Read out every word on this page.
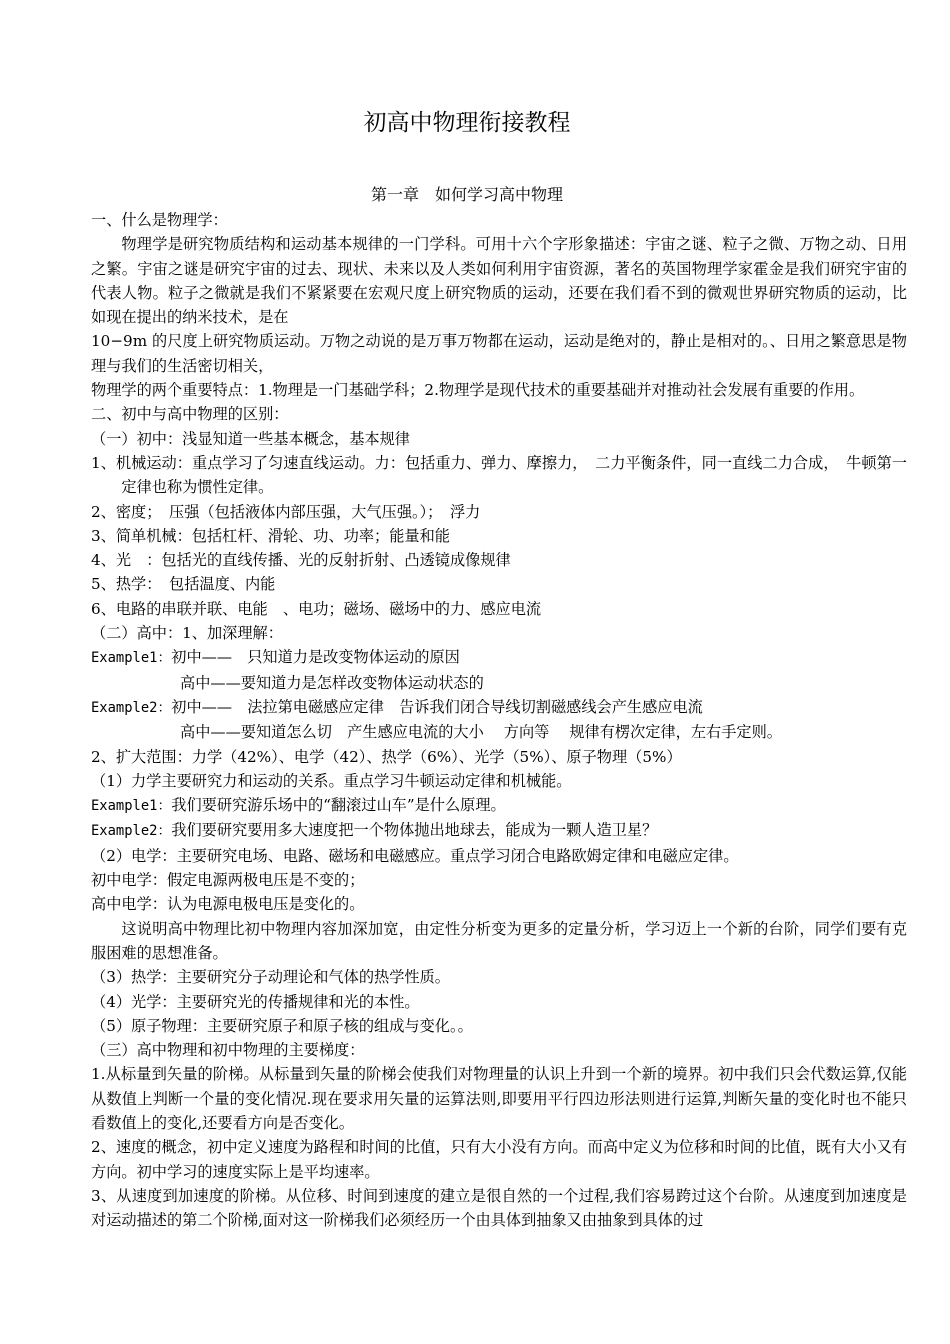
初高中物理衔接教程
第一章　如何学习高中物理

一、什么是物理学：

物理学是研究物质结构和运动基本规律的一门学科。可用十六个字形象描述：宇宙之谜、粒子之微、万物之动、日用之繁。宇宙之谜是研究宇宙的过去、现状、未来以及人类如何利用宇宙资源，著名的英国物理学家霍金是我们研究宇宙的代表人物。粒子之微就是我们不紧紧要在宏观尺度上研究物质的运动，还要在我们看不到的微观世界研究物质的运动，比如现在提出的纳米技术，是在

10−9m 的尺度上研究物质运动。万物之动说的是万事万物都在运动，运动是绝对的，静止是相对的。、日用之繁意思是物理与我们的生活密切相关，

物理学的两个重要特点：1.物理是一门基础学科；2.物理学是现代技术的重要基础并对推动社会发展有重要的作用。

二、初中与高中物理的区别：

（一）初中：浅显知道一些基本概念，基本规律

1、机械运动：重点学习了匀速直线运动。力：包括重力、弹力、摩擦力，　二力平衡条件，同一直线二力合成，　牛顿第一定律也称为惯性定律。

2、密度；　压强（包括液体内部压强，大气压强。）；　浮力

3、简单机械：包括杠杆、滑轮、功、功率；能量和能

4、光　：包括光的直线传播、光的反射折射、凸透镜成像规律

5、热学：　包括温度、内能

6、电路的串联并联、电能　、电功；磁场、磁场中的力、感应电流

（二）高中：1、加深理解：

Example1：初中——　只知道力是改变物体运动的原因

高中——要知道力是怎样改变物体运动状态的

Example2：初中——　法拉第电磁感应定律　告诉我们闭合导线切割磁感线会产生感应电流

高中——要知道怎么切　产生感应电流的大小　 方向等　 规律有楞次定律，左右手定则。

2、扩大范围：力学（42%）、电学（42）、热学（6%）、光学（5%）、原子物理（5%）

（1）力学主要研究力和运动的关系。重点学习牛顿运动定律和机械能。

Example1：我们要研究游乐场中的“翻滚过山车”是什么原理。

Example2：我们要研究要用多大速度把一个物体抛出地球去，能成为一颗人造卫星？

（2）电学：主要研究电场、电路、磁场和电磁感应。重点学习闭合电路欧姆定律和电磁应定律。

初中电学：假定电源两极电压是不变的；

高中电学：认为电源电极电压是变化的。

这说明高中物理比初中物理内容加深加宽，由定性分析变为更多的定量分析，学习迈上一个新的台阶，同学们要有克服困难的思想准备。

（3）热学：主要研究分子动理论和气体的热学性质。

（4）光学：主要研究光的传播规律和光的本性。

（5）原子物理：主要研究原子和原子核的组成与变化。。

（三）高中物理和初中物理的主要梯度：

1.从标量到矢量的阶梯。从标量到矢量的阶梯会使我们对物理量的认识上升到一个新的境界。初中我们只会代数运算,仅能从数值上判断一个量的变化情况.现在要求用矢量的运算法则,即要用平行四边形法则进行运算,判断矢量的变化时也不能只看数值上的变化,还要看方向是否变化。

2、速度的概念，初中定义速度为路程和时间的比值，只有大小没有方向。而高中定义为位移和时间的比值，既有大小又有方向。初中学习的速度实际上是平均速率。

3、从速度到加速度的阶梯。从位移、时间到速度的建立是很自然的一个过程,我们容易跨过这个台阶。从速度到加速度是对运动描述的第二个阶梯,面对这一阶梯我们必须经历一个由具体到抽象又由抽象到具体的过
